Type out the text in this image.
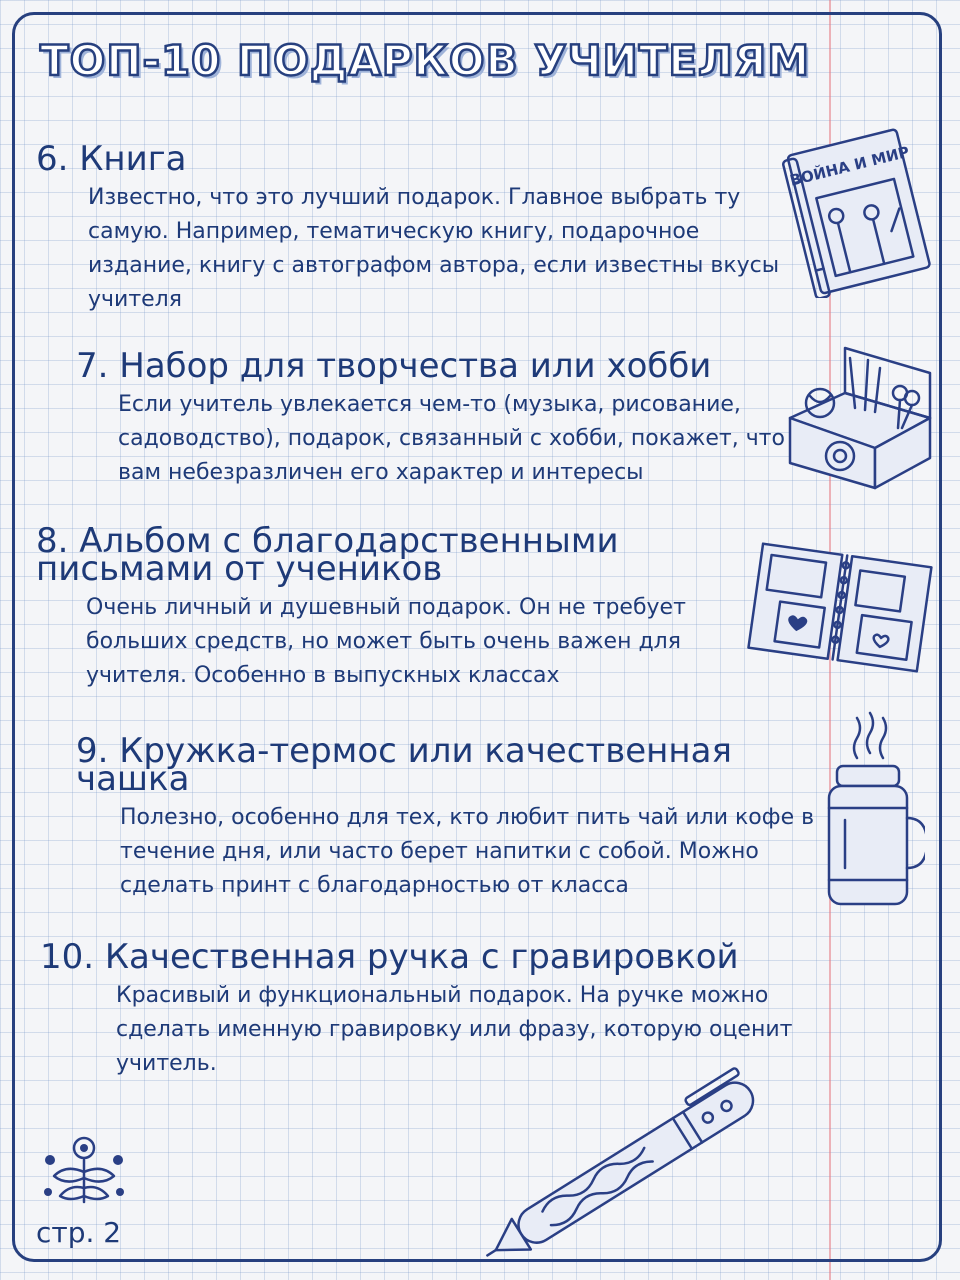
ТОП-10 ПОДАРКОВ УЧИТЕЛЯМ
6. Книга

Известно, что это лучший подарок. Главное выбрать ту самую. Например, тематическую книгу, подарочное издание, книгу с автографом автора, если известны вкусы учителя

7. Набор для творчества или хобби

Если учитель увлекается чем-то (музыка, рисование, садоводство), подарок, связанный с хобби, покажет, что вам небезразличен его характер и интересы

8. Альбом с благодарственными письмами от учеников

Очень личный и душевный подарок. Он не требует больших средств, но может быть очень важен для учителя. Особенно в выпускных классах

9. Кружка-термос или качественная чашка

Полезно, особенно для тех, кто любит пить чай или кофе в течение дня, или часто берет напитки с собой. Можно сделать принт с благодарностью от класса

10. Качественная ручка с гравировкой

Красивый и функциональный подарок. На ручке можно сделать именную гравировку или фразу, которую оценит учитель.

ВОЙНА И МИР
стр. 2
